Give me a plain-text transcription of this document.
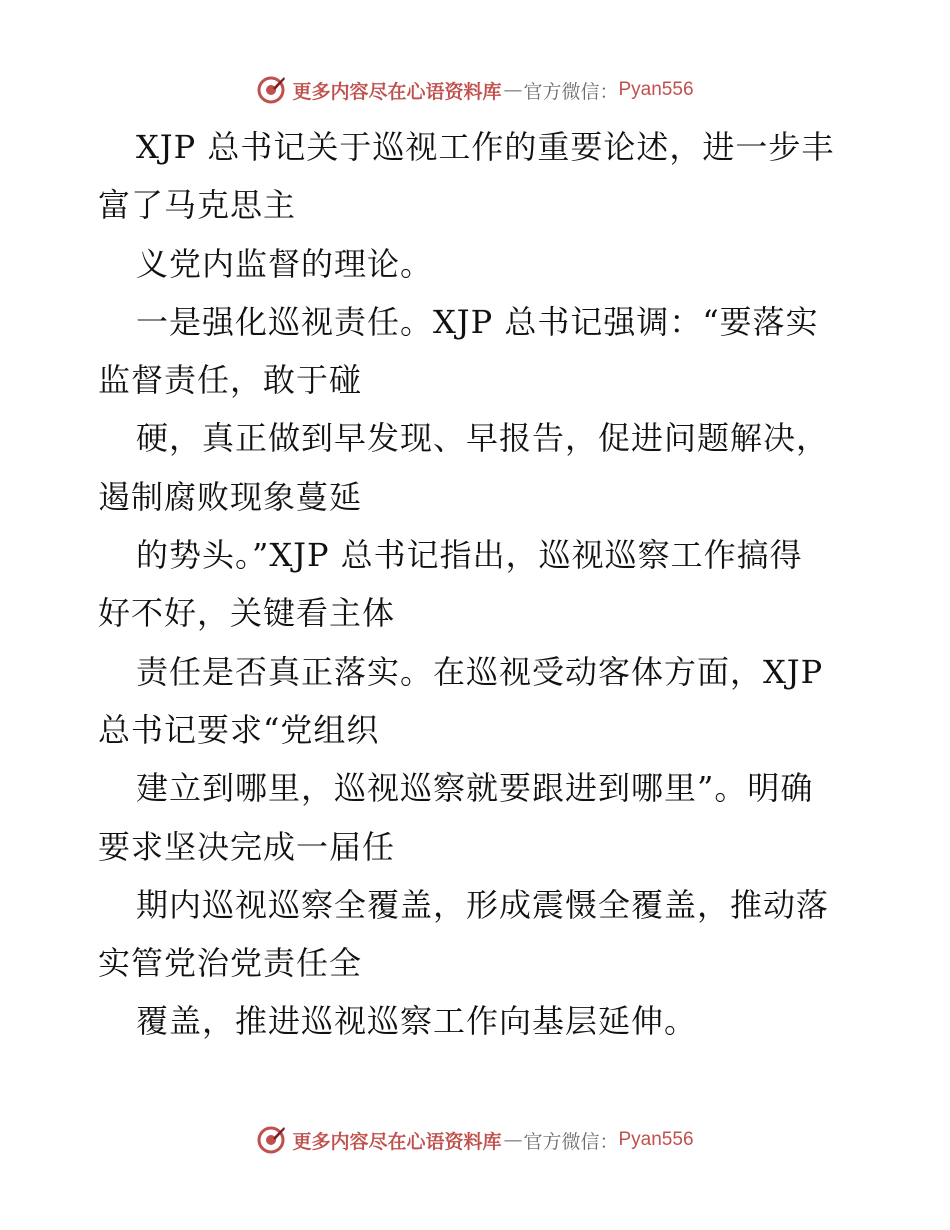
更多内容尽在心语资料库 — 官方微信： Pyan556
XJP 总书记关于巡视工作的重要论述，进一步丰
富了马克思主
义党内监督的理论。
一是强化巡视责任。XJP 总书记强调：“要落实
监督责任，敢于碰
硬，真正做到早发现、早报告，促进问题解决，
遏制腐败现象蔓延
的势头。”XJP 总书记指出，巡视巡察工作搞得
好不好，关键看主体
责任是否真正落实。在巡视受动客体方面，XJP
总书记要求“党组织
建立到哪里，巡视巡察就要跟进到哪里”。明确
要求坚决完成一届任
期内巡视巡察全覆盖，形成震慑全覆盖，推动落
实管党治党责任全
覆盖，推进巡视巡察工作向基层延伸。
更多内容尽在心语资料库 — 官方微信： Pyan556
